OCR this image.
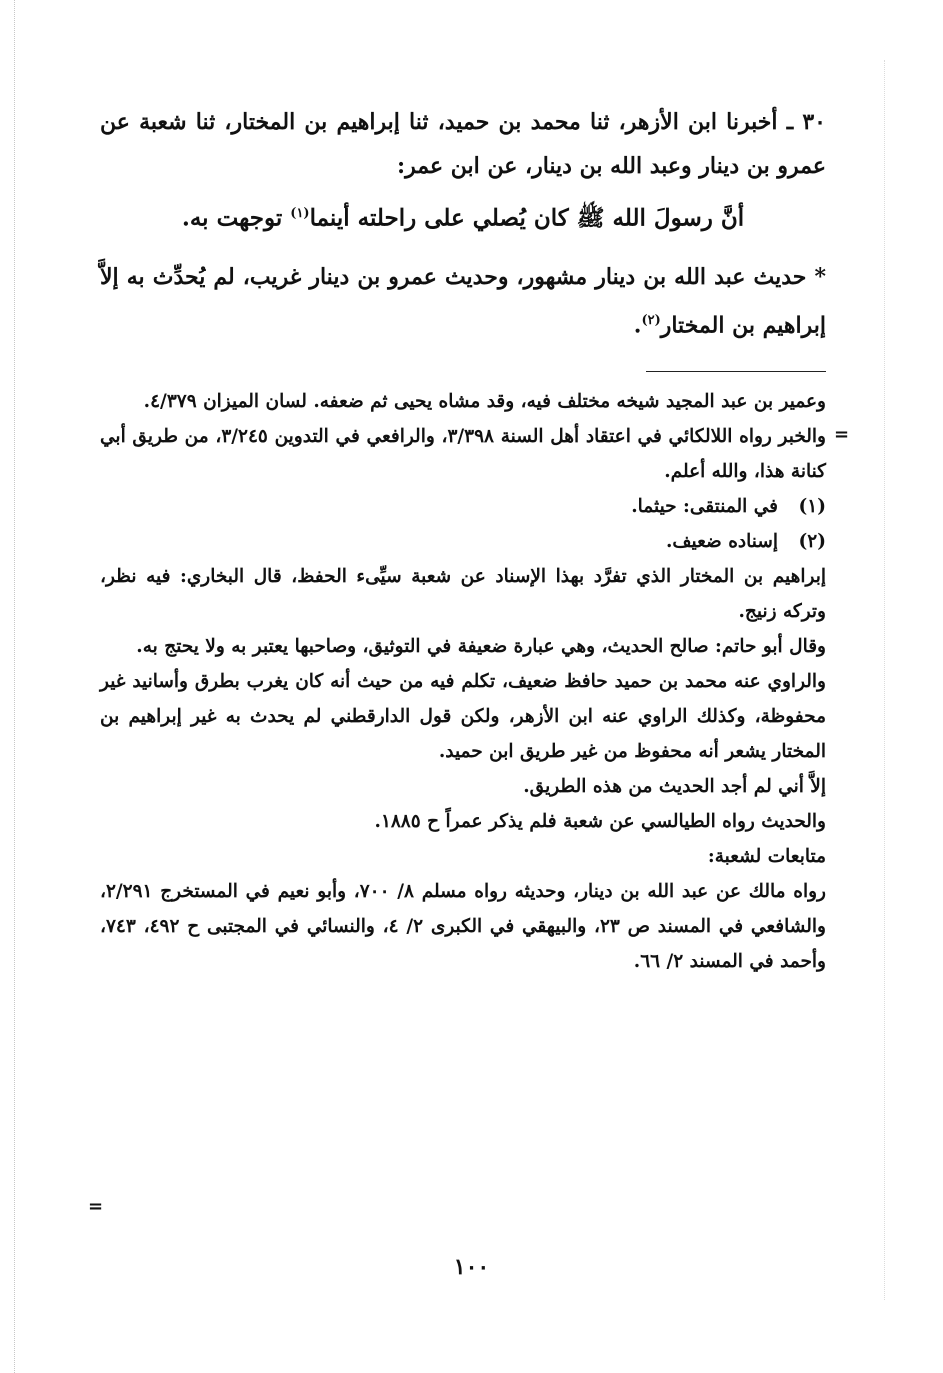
٣٠ ـ أخبرنا ابن الأزهر، ثنا محمد بن حميد، ثنا إبراهيم بن المختار، ثنا شعبة عن عمرو بن دينار وعبد الله بن دينار، عن ابن عمر:

أنَّ رسولَ الله ﷺ كان يُصلي على راحلته أينما$^{(١)}$ توجهت به.

* حديث عبد الله بن دينار مشهور، وحديث عمرو بن دينار غريب، لم يُحدِّث به إلاَّ إبراهيم بن المختار$^{(٢)}$.

وعمير بن عبد المجيد شيخه مختلف فيه، وقد مشاه يحيى ثم ضعفه. لسان الميزان ٤/٣٧٩.

والخبر رواه اللالكائي في اعتقاد أهل السنة ٣/٣٩٨، والرافعي في التدوين ٣/٢٤٥، من طريق أبي كنانة هذا، والله أعلم.

(١)
في المنتقى: حيثما.
(٢)
إسناده ضعيف.

إبراهيم بن المختار الذي تفرَّد بهذا الإسناد عن شعبة سيِّىء الحفظ، قال البخاري: فيه نظر، وتركه زنيج.

وقال أبو حاتم: صالح الحديث، وهي عبارة ضعيفة في التوثيق، وصاحبها يعتبر به ولا يحتج به.

والراوي عنه محمد بن حميد حافظ ضعيف، تكلم فيه من حيث أنه كان يغرب بطرق وأسانيد غير محفوظة، وكذلك الراوي عنه ابن الأزهر، ولكن قول الدارقطني لم يحدث به غير إبراهيم بن المختار يشعر أنه محفوظ من غير طريق ابن حميد.

إلاَّ أني لم أجد الحديث من هذه الطريق.

والحديث رواه الطيالسي عن شعبة فلم يذكر عمراً ح ١٨٨٥.

متابعات لشعبة:

رواه مالك عن عبد الله بن دينار، وحديثه رواه مسلم ٨/ ٧٠٠، وأبو نعيم في المستخرج ٢/٢٩١، والشافعي في المسند ص ٢٣، والبيهقي في الكبرى ٢/ ٤، والنسائي في المجتبى ح ٤٩٢، ٧٤٣، وأحمد في المسند ٢/ ٦٦.

=
=
١٠٠
